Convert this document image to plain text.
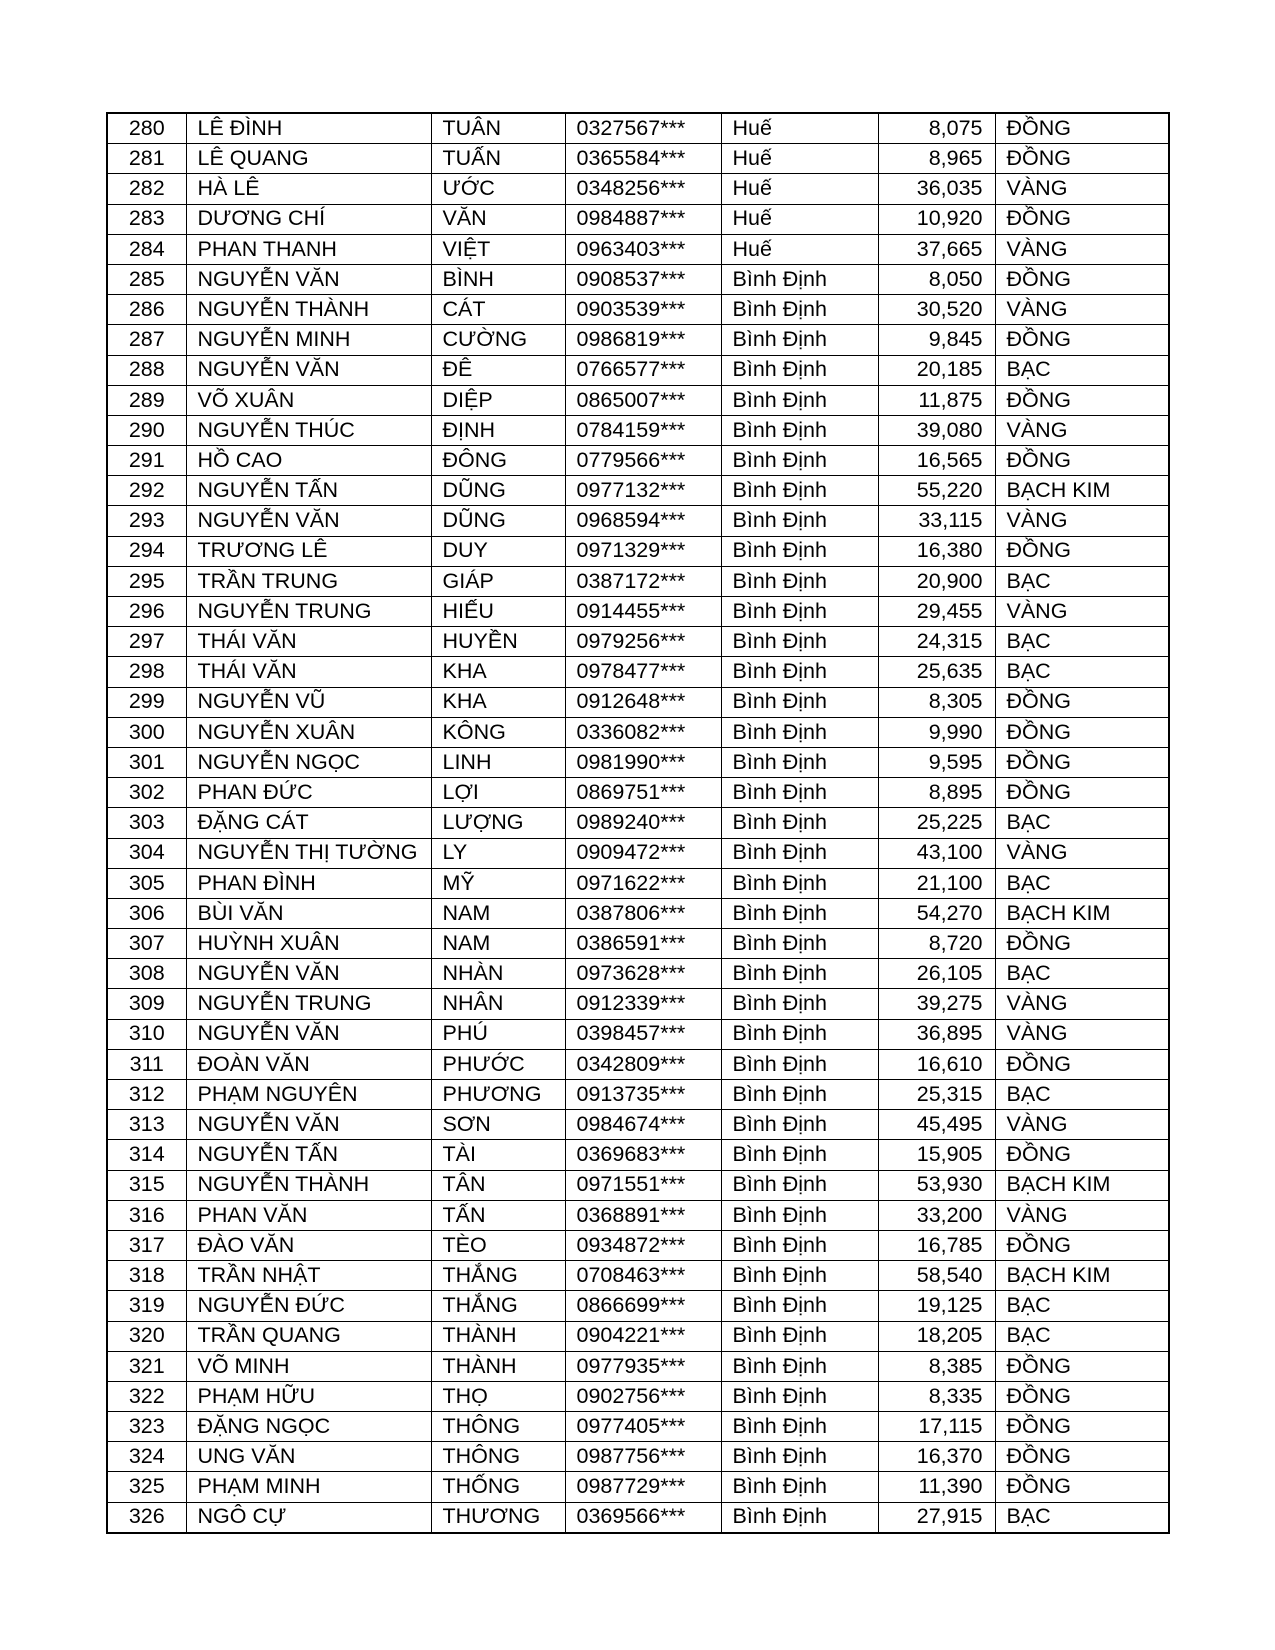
280	LÊ ĐÌNH	TUÂN	0327567***	Huế	8,075	ĐỒNG
281	LÊ QUANG	TUẤN	0365584***	Huế	8,965	ĐỒNG
282	HÀ LÊ	ƯỚC	0348256***	Huế	36,035	VÀNG
283	DƯƠNG CHÍ	VĂN	0984887***	Huế	10,920	ĐỒNG
284	PHAN THANH	VIỆT	0963403***	Huế	37,665	VÀNG
285	NGUYỄN VĂN	BÌNH	0908537***	Bình Định	8,050	ĐỒNG
286	NGUYỄN THÀNH	CÁT	0903539***	Bình Định	30,520	VÀNG
287	NGUYỄN MINH	CƯỜNG	0986819***	Bình Định	9,845	ĐỒNG
288	NGUYỄN VĂN	ĐÊ	0766577***	Bình Định	20,185	BẠC
289	VÕ XUÂN	DIỆP	0865007***	Bình Định	11,875	ĐỒNG
290	NGUYỄN THÚC	ĐỊNH	0784159***	Bình Định	39,080	VÀNG
291	HỒ CAO	ĐÔNG	0779566***	Bình Định	16,565	ĐỒNG
292	NGUYỄN TẤN	DŨNG	0977132***	Bình Định	55,220	BẠCH KIM
293	NGUYỄN VĂN	DŨNG	0968594***	Bình Định	33,115	VÀNG
294	TRƯƠNG LÊ	DUY	0971329***	Bình Định	16,380	ĐỒNG
295	TRẦN TRUNG	GIÁP	0387172***	Bình Định	20,900	BẠC
296	NGUYỄN TRUNG	HIẾU	0914455***	Bình Định	29,455	VÀNG
297	THÁI VĂN	HUYỀN	0979256***	Bình Định	24,315	BẠC
298	THÁI VĂN	KHA	0978477***	Bình Định	25,635	BẠC
299	NGUYỄN VŨ	KHA	0912648***	Bình Định	8,305	ĐỒNG
300	NGUYỄN XUÂN	KÔNG	0336082***	Bình Định	9,990	ĐỒNG
301	NGUYỄN NGỌC	LINH	0981990***	Bình Định	9,595	ĐỒNG
302	PHAN ĐỨC	LỢI	0869751***	Bình Định	8,895	ĐỒNG
303	ĐẶNG CÁT	LƯỢNG	0989240***	Bình Định	25,225	BẠC
304	NGUYỄN THỊ TƯỜNG	LY	0909472***	Bình Định	43,100	VÀNG
305	PHAN ĐÌNH	MỸ	0971622***	Bình Định	21,100	BẠC
306	BÙI VĂN	NAM	0387806***	Bình Định	54,270	BẠCH KIM
307	HUỲNH XUÂN	NAM	0386591***	Bình Định	8,720	ĐỒNG
308	NGUYỄN VĂN	NHÀN	0973628***	Bình Định	26,105	BẠC
309	NGUYỄN TRUNG	NHÂN	0912339***	Bình Định	39,275	VÀNG
310	NGUYỄN VĂN	PHÚ	0398457***	Bình Định	36,895	VÀNG
311	ĐOÀN VĂN	PHƯỚC	0342809***	Bình Định	16,610	ĐỒNG
312	PHẠM NGUYÊN	PHƯƠNG	0913735***	Bình Định	25,315	BẠC
313	NGUYỄN VĂN	SƠN	0984674***	Bình Định	45,495	VÀNG
314	NGUYỄN TẤN	TÀI	0369683***	Bình Định	15,905	ĐỒNG
315	NGUYỄN THÀNH	TÂN	0971551***	Bình Định	53,930	BẠCH KIM
316	PHAN VĂN	TẤN	0368891***	Bình Định	33,200	VÀNG
317	ĐÀO VĂN	TÈO	0934872***	Bình Định	16,785	ĐỒNG
318	TRẦN NHẬT	THẮNG	0708463***	Bình Định	58,540	BẠCH KIM
319	NGUYỄN ĐỨC	THẮNG	0866699***	Bình Định	19,125	BẠC
320	TRẦN QUANG	THÀNH	0904221***	Bình Định	18,205	BẠC
321	VÕ MINH	THÀNH	0977935***	Bình Định	8,385	ĐỒNG
322	PHẠM HỮU	THỌ	0902756***	Bình Định	8,335	ĐỒNG
323	ĐẶNG NGỌC	THÔNG	0977405***	Bình Định	17,115	ĐỒNG
324	UNG VĂN	THÔNG	0987756***	Bình Định	16,370	ĐỒNG
325	PHẠM MINH	THỐNG	0987729***	Bình Định	11,390	ĐỒNG
326	NGÔ CỰ	THƯƠNG	0369566***	Bình Định	27,915	BẠC
